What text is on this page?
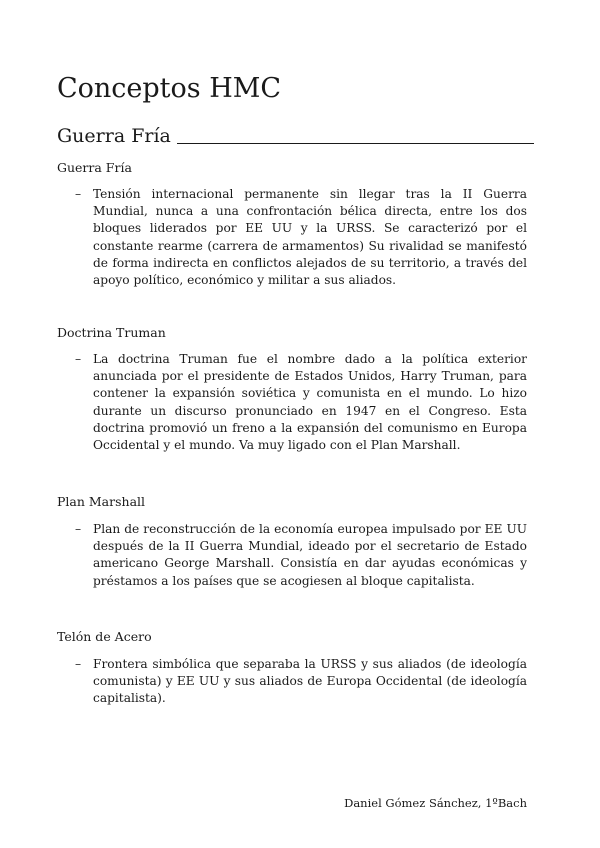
Conceptos HMC
Guerra Fría
Guerra Fría
– Tensión internacional permanente sin llegar tras la II Guerra Mundial, nunca a una confrontación bélica directa, entre los dos bloques liderados por EE UU y la URSS. Se caracterizó por el constante rearme (carrera de armamentos) Su rivalidad se manifestó de forma indirecta en conflictos alejados de su territorio, a través del apoyo político, económico y militar a sus aliados.
Doctrina Truman
– La doctrina Truman fue el nombre dado a la política exterior anunciada por el presidente de Estados Unidos, Harry Truman, para contener la expansión soviética y comunista en el mundo. Lo hizo durante un discurso pronunciado en 1947 en el Congreso. Esta doctrina promovió un freno a la expansión del comunismo en Europa Occidental y el mundo. Va muy ligado con el Plan Marshall.
Plan Marshall
– Plan de reconstrucción de la economía europea impulsado por EE UU después de la II Guerra Mundial, ideado por el secretario de Estado americano George Marshall. Consistía en dar ayudas económicas y préstamos a los países que se acogiesen al bloque capitalista.
Telón de Acero
– Frontera simbólica que separaba la URSS y sus aliados (de ideología comunista) y EE UU y sus aliados de Europa Occidental (de ideología capitalista).
Daniel Gómez Sánchez, 1ºBach
